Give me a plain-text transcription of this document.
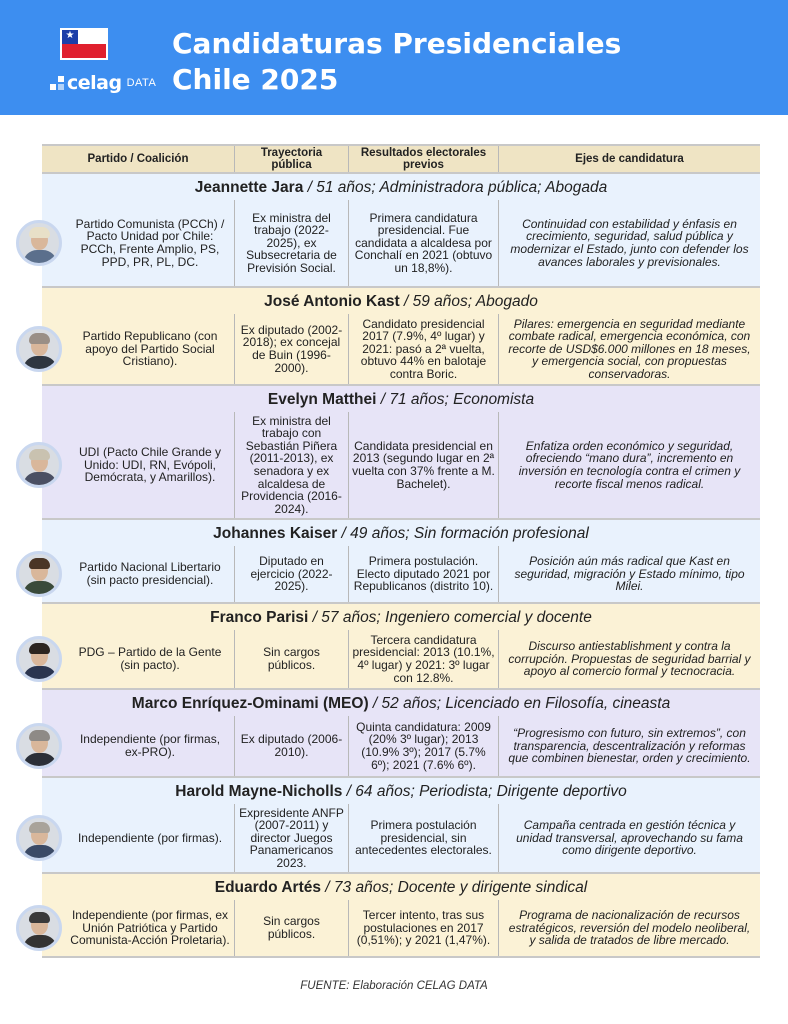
★
celag DATA
Candidaturas Presidenciales
Chile 2025
Partido / Coalición	Trayectoria pública
Resultados electorales previos	Ejes de candidatura
Jeannette Jara / 51 años; Administradora pública; Abogada
Partido Comunista (PCCh) / Pacto Unidad por Chile: PCCh, Frente Amplio, PS, PPD, PR, PL, DC.
Ex ministra del trabajo (2022-2025), ex Subsecretaria de Previsión Social.
Primera candidatura presidencial. Fue candidata a alcaldesa por Conchalí en 2021 (obtuvo un 18,8%).
Continuidad con estabilidad y énfasis en crecimiento, seguridad, salud pública y modernizar el Estado, junto con defender los avances laborales y previsionales.
José Antonio Kast / 59 años; Abogado
Partido Republicano (con apoyo del Partido Social Cristiano).
Ex diputado (2002-2018); ex concejal de Buin (1996-2000).
Candidato presidencial 2017 (7.9%, 4º lugar) y 2021: pasó a 2ª vuelta, obtuvo 44% en balotaje contra Boric.
Pilares: emergencia en seguridad mediante combate radical, emergencia económica, con recorte de USD$6.000 millones en 18 meses, y emergencia social, con propuestas conservadoras.
Evelyn Matthei / 71 años; Economista
UDI (Pacto Chile Grande y Unido: UDI, RN, Evópoli, Demócrata, y Amarillos).
Ex ministra del trabajo con Sebastián Piñera (2011-2013), ex senadora y ex alcaldesa de Providencia (2016-2024).
Candidata presidencial en 2013 (segundo lugar en 2ª vuelta con 37% frente a M. Bachelet).
Enfatiza orden económico y seguridad, ofreciendo “mano dura”, incremento en inversión en tecnología contra el crimen y recorte fiscal menos radical.
Johannes Kaiser / 49 años; Sin formación profesional
Partido Nacional Libertario (sin pacto presidencial).
Diputado en ejercicio (2022-2025).
Primera postulación. Electo diputado 2021 por Republicanos (distrito 10).
Posición aún más radical que Kast en seguridad, migración y Estado mínimo, tipo Milei.
Franco Parisi / 57 años; Ingeniero comercial y docente
PDG – Partido de la Gente (sin pacto).
Sin cargos públicos.
Tercera candidatura presidencial: 2013 (10.1%, 4º lugar) y 2021: 3º lugar con 12.8%.
Discurso antiestablishment y contra la corrupción. Propuestas de seguridad barrial y apoyo al comercio formal y tecnocracia.
Marco Enríquez-Ominami (MEO) / 52 años; Licenciado en Filosofía, cineasta
Independiente (por firmas, ex-PRO).
Ex diputado (2006-2010).
Quinta candidatura: 2009 (20% 3º lugar); 2013 (10.9% 3º); 2017 (5.7% 6º); 2021 (7.6% 6º).
“Progresismo con futuro, sin extremos”, con transparencia, descentralización y reformas que combinen bienestar, orden y crecimiento.
Harold Mayne-Nicholls / 64 años; Periodista; Dirigente deportivo
Independiente (por firmas).
Expresidente ANFP (2007-2011) y director Juegos Panamericanos 2023.
Primera postulación presidencial, sin antecedentes electorales.
Campaña centrada en gestión técnica y unidad transversal, aprovechando su fama como dirigente deportivo.
Eduardo Artés / 73 años; Docente y dirigente sindical
Independiente (por firmas, ex Unión Patriótica y Partido Comunista-Acción Proletaria).
Sin cargos públicos.
Tercer intento, tras sus postulaciones en 2017 (0,51%); y 2021 (1,47%).
Programa de nacionalización de recursos estratégicos, reversión del modelo neoliberal, y salida de tratados de libre mercado.
FUENTE: Elaboración CELAG DATA
